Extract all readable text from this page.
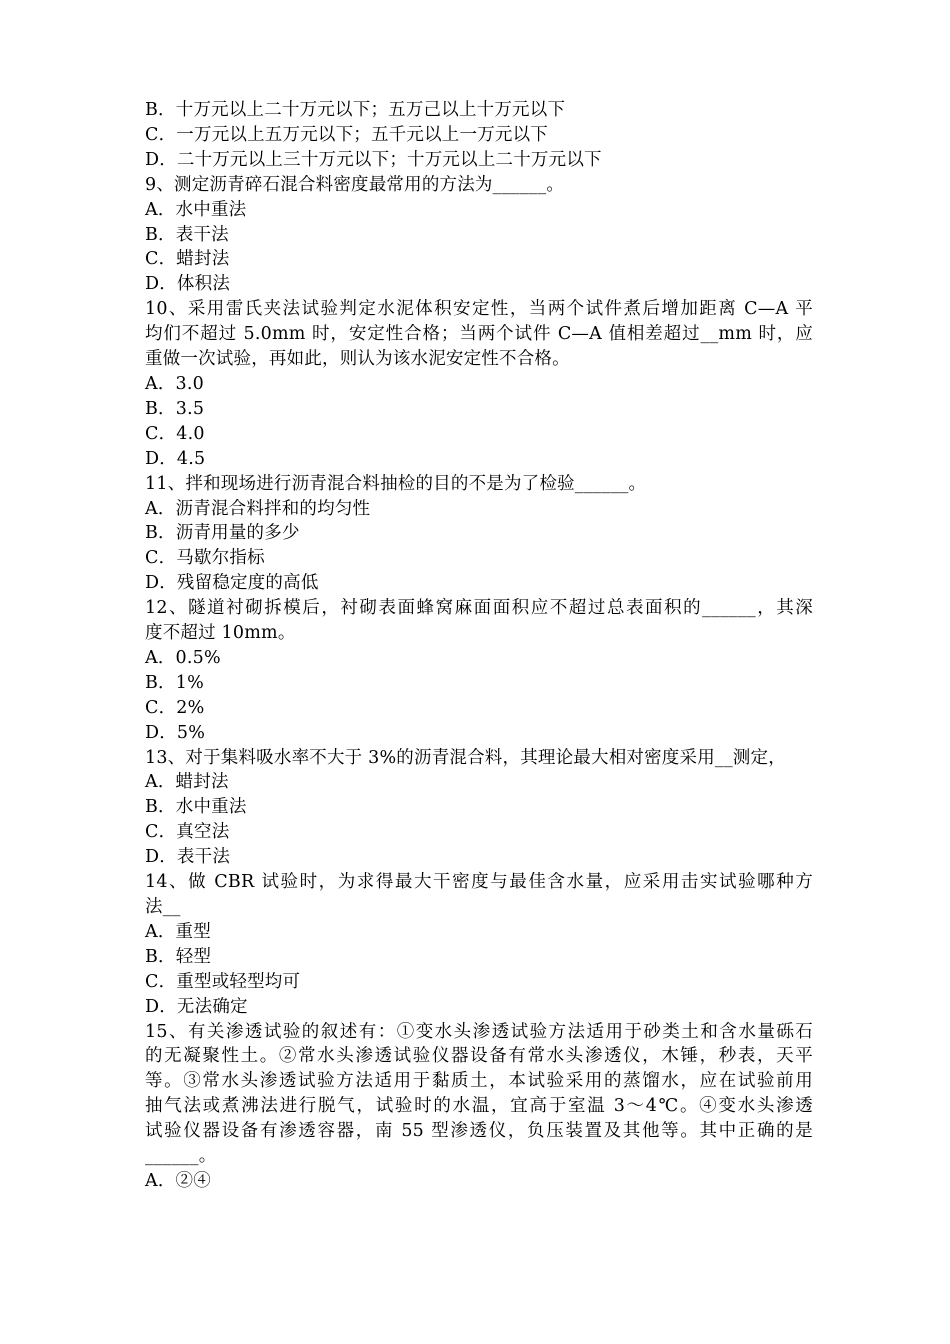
B．十万元以上二十万元以下；五万己以上十万元以下
C．一万元以上五万元以下；五千元以上一万元以下
D．二十万元以上三十万元以下；十万元以上二十万元以下
9、测定沥青碎石混合料密度最常用的方法为______。
A．水中重法
B．表干法
C．蜡封法
D．体积法
10、采用雷氏夹法试验判定水泥体积安定性，当两个试件煮后增加距离 C—A 平
均们不超过 5.0mm 时，安定性合格；当两个试件 C—A 值相差超过__mm 时，应
重做一次试验，再如此，则认为该水泥安定性不合格。
A．3.0
B．3.5
C．4.0
D．4.5
11、拌和现场进行沥青混合料抽检的目的不是为了检验______。
A．沥青混合料拌和的均匀性
B．沥青用量的多少
C．马歇尔指标
D．残留稳定度的高低
12、隧道衬砌拆模后，衬砌表面蜂窝麻面面积应不超过总表面积的______，其深
度不超过 10mm。
A．0.5%
B．1%
C．2%
D．5%
13、对于集料吸水率不大于 3%的沥青混合料，其理论最大相对密度采用__测定，
A．蜡封法
B．水中重法
C．真空法
D．表干法
14、做 CBR 试验时，为求得最大干密度与最佳含水量，应采用击实试验哪种方
法__
A．重型
B．轻型
C．重型或轻型均可
D．无法确定
15、有关渗透试验的叙述有：①变水头渗透试验方法适用于砂类土和含水量砾石
的无凝聚性土。②常水头渗透试验仪器设备有常水头渗透仪，木锤，秒表，天平
等。③常水头渗透试验方法适用于黏质土，本试验采用的蒸馏水，应在试验前用
抽气法或煮沸法进行脱气，试验时的水温，宜高于室温 3～4℃。④变水头渗透
试验仪器设备有渗透容器，南 55 型渗透仪，负压装置及其他等。其中正确的是
______。
A．②④
